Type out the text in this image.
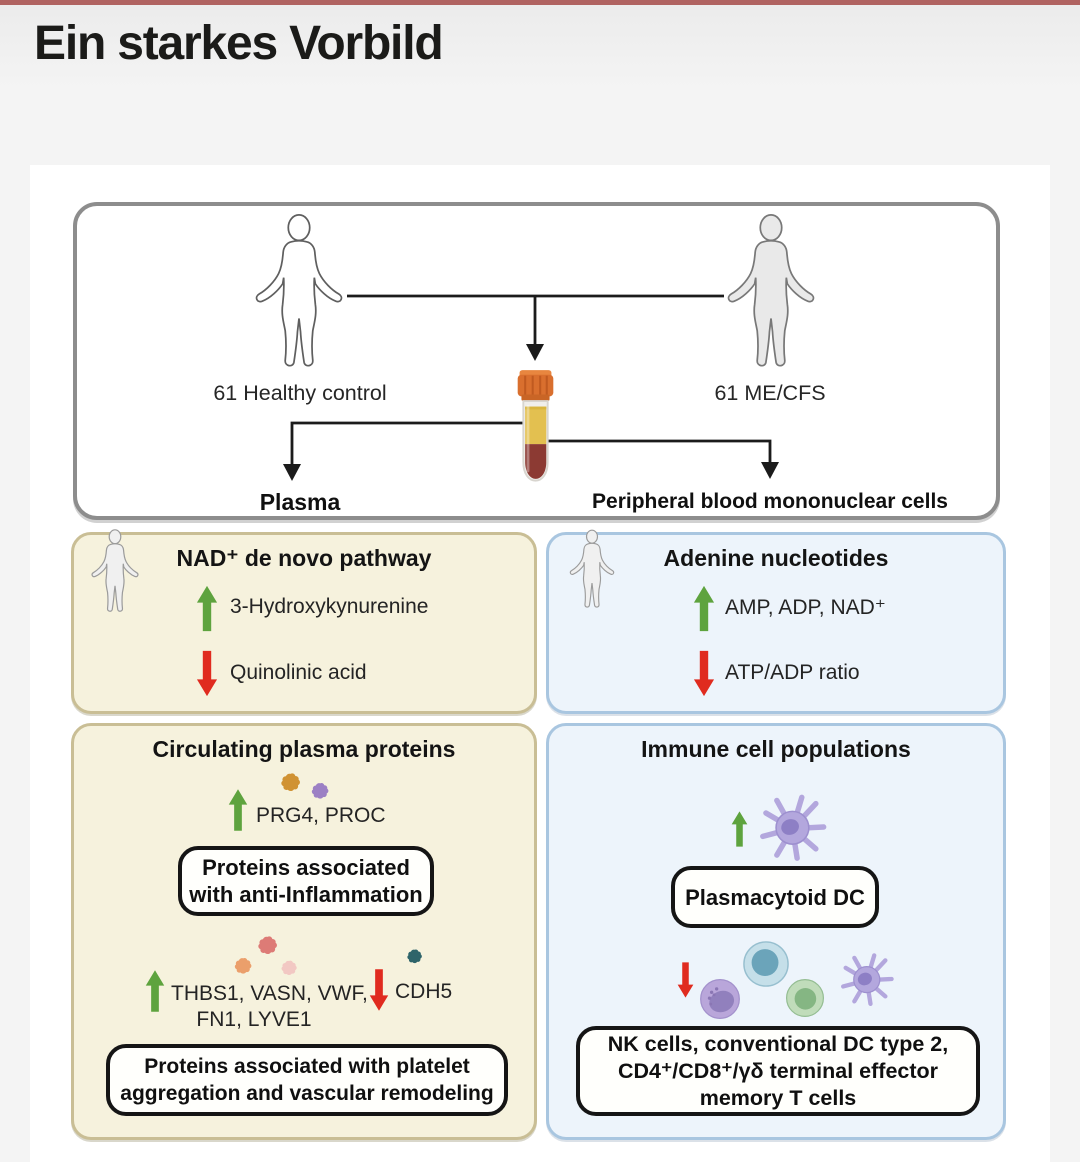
Ein starkes Vorbild
61 Healthy control	61 ME/CFS
Plasma	Peripheral blood mononuclear cells
NAD⁺ de novo pathway
3-Hydroxykynurenine
Quinolinic acid
Adenine nucleotides
AMP, ADP, NAD⁺
ATP/ADP ratio
Circulating plasma proteins
PRG4, PROC
Proteins associated
with anti-Inflammation
THBS1, VASN, VWF,
FN1, LYVE1
CDH5
Proteins associated with platelet
aggregation and vascular remodeling
Immune cell populations
Plasmacytoid DC
NK cells, conventional DC type 2,
CD4⁺/CD8⁺/γδ terminal effector
memory T cells
